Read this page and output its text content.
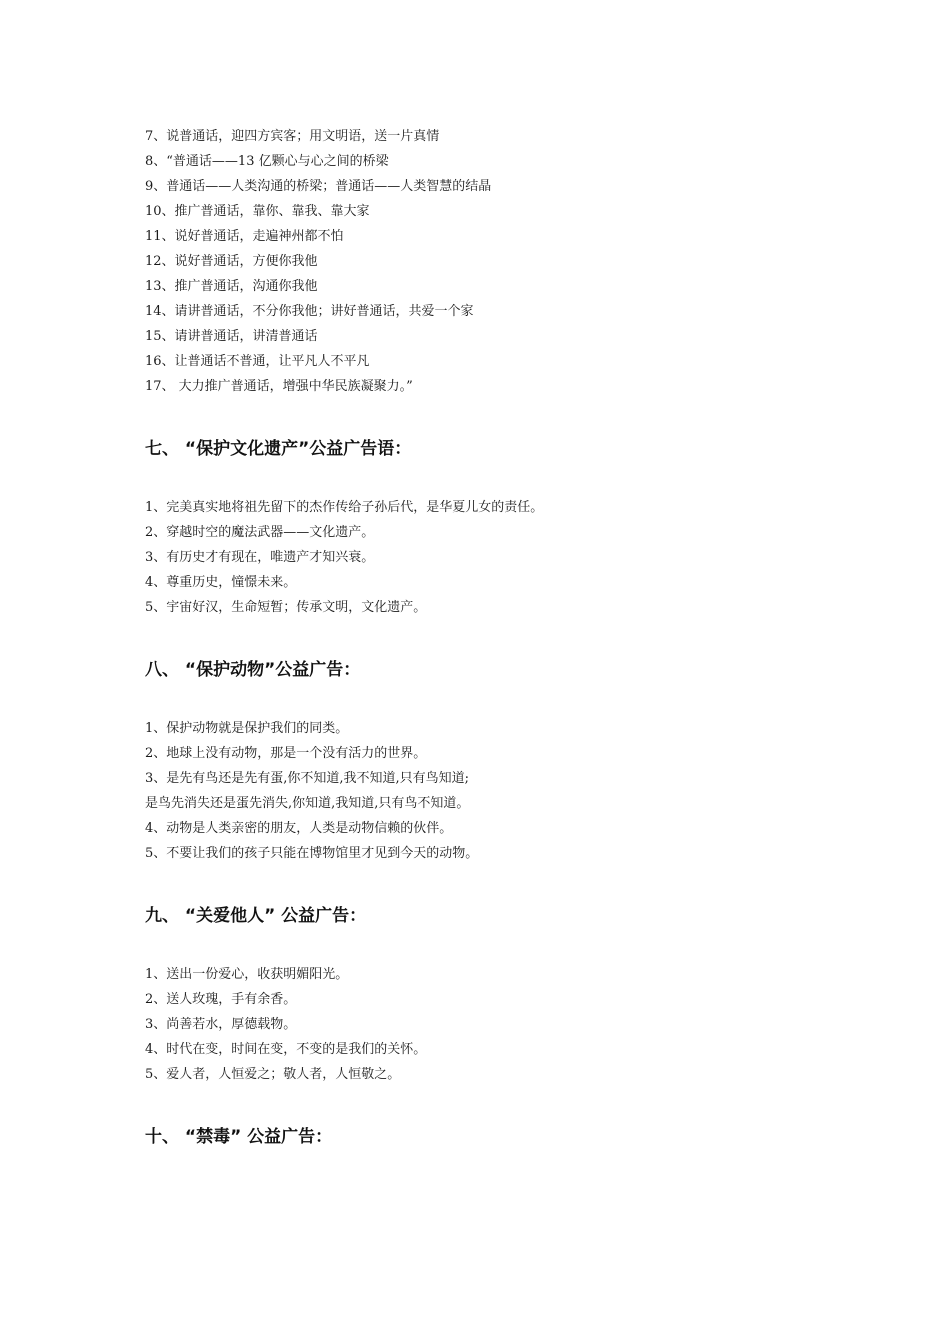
7、说普通话，迎四方宾客；用文明语，送一片真情
8、“普通话——13 亿颗心与心之间的桥梁
9、普通话——人类沟通的桥梁；普通话——人类智慧的结晶
10、推广普通话，靠你、靠我、靠大家
11、说好普通话，走遍神州都不怕
12、说好普通话，方便你我他
13、推广普通话，沟通你我他
14、请讲普通话，不分你我他；讲好普通话，共爱一个家
15、请讲普通话，讲清普通话
16、让普通话不普通，让平凡人不平凡
17、 大力推广普通话，增强中华民族凝聚力。”
七、 “保护文化遗产”公益广告语：
1、完美真实地将祖先留下的杰作传给子孙后代，是华夏儿女的责任。
2、穿越时空的魔法武器——文化遗产。
3、有历史才有现在，唯遗产才知兴衰。
4、尊重历史，憧憬未来。
5、宇宙好汉，生命短暂；传承文明，文化遗产。
八、 “保护动物”公益广告：
1、保护动物就是保护我们的同类。
2、地球上没有动物，那是一个没有活力的世界。
3、是先有鸟还是先有蛋,你不知道,我不知道,只有鸟知道;
是鸟先消失还是蛋先消失,你知道,我知道,只有鸟不知道。
4、动物是人类亲密的朋友，人类是动物信赖的伙伴。
5、不要让我们的孩子只能在博物馆里才见到今天的动物。
九、 “关爱他人” 公益广告：
1、送出一份爱心，收获明媚阳光。
2、送人玫瑰，手有余香。
3、尚善若水，厚德载物。
4、时代在变，时间在变，不变的是我们的关怀。
5、爱人者，人恒爱之；敬人者，人恒敬之。
十、 “禁毒” 公益广告：
